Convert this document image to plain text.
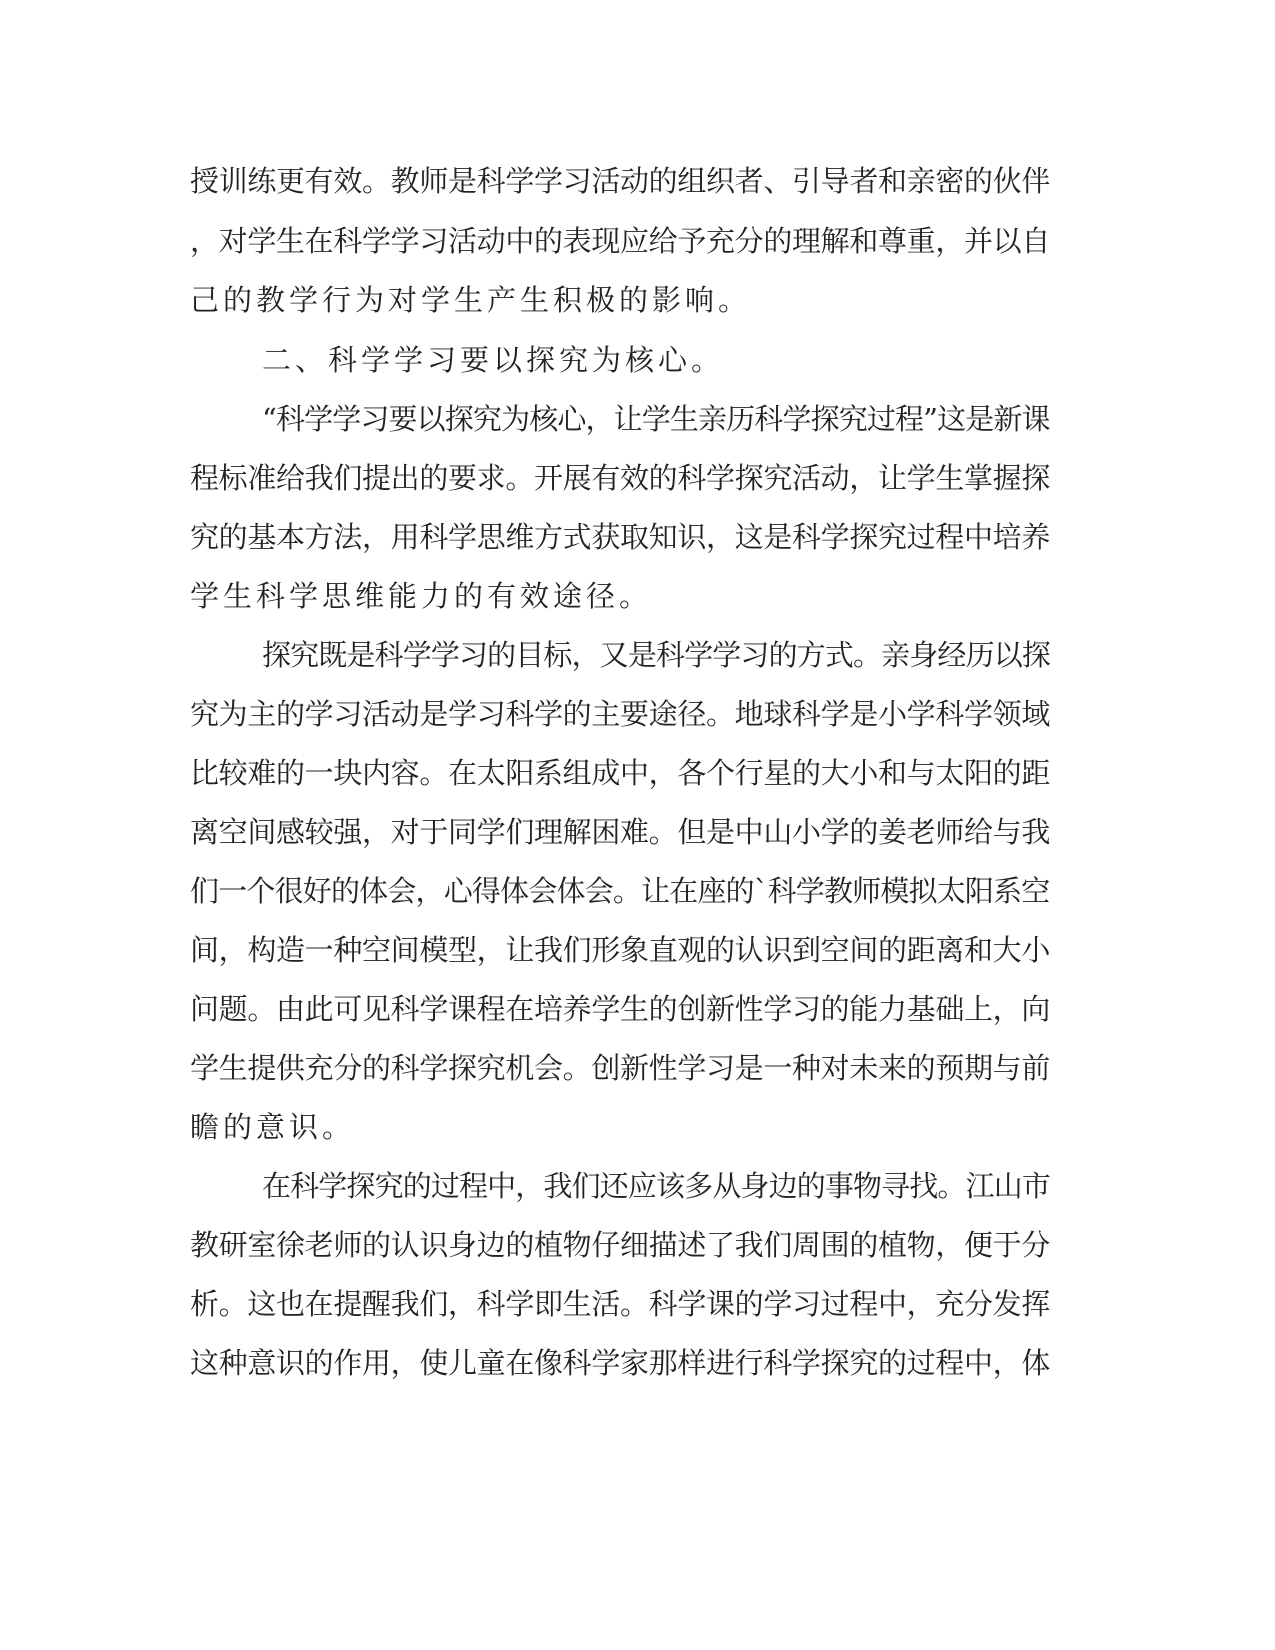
授训练更有效。教师是科学学习活动的组织者、引导者和亲密的伙伴
，对学生在科学学习活动中的表现应给予充分的理解和尊重，并以自
己的教学行为对学生产生积极的影响。
二、科学学习要以探究为核心。
“科学学习要以探究为核心，让学生亲历科学探究过程”这是新课
程标准给我们提出的要求。开展有效的科学探究活动，让学生掌握探
究的基本方法，用科学思维方式获取知识，这是科学探究过程中培养
学生科学思维能力的有效途径。
探究既是科学学习的目标，又是科学学习的方式。亲身经历以探
究为主的学习活动是学习科学的主要途径。地球科学是小学科学领域
比较难的一块内容。在太阳系组成中，各个行星的大小和与太阳的距
离空间感较强，对于同学们理解困难。但是中山小学的姜老师给与我
们一个很好的体会，心得体会体会。让在座的`科学教师模拟太阳系空
间，构造一种空间模型，让我们形象直观的认识到空间的距离和大小
问题。由此可见科学课程在培养学生的创新性学习的能力基础上，向
学生提供充分的科学探究机会。创新性学习是一种对未来的预期与前
瞻的意识。
在科学探究的过程中，我们还应该多从身边的事物寻找。江山市
教研室徐老师的认识身边的植物仔细描述了我们周围的植物，便于分
析。这也在提醒我们，科学即生活。科学课的学习过程中，充分发挥
这种意识的作用，使儿童在像科学家那样进行科学探究的过程中，体
